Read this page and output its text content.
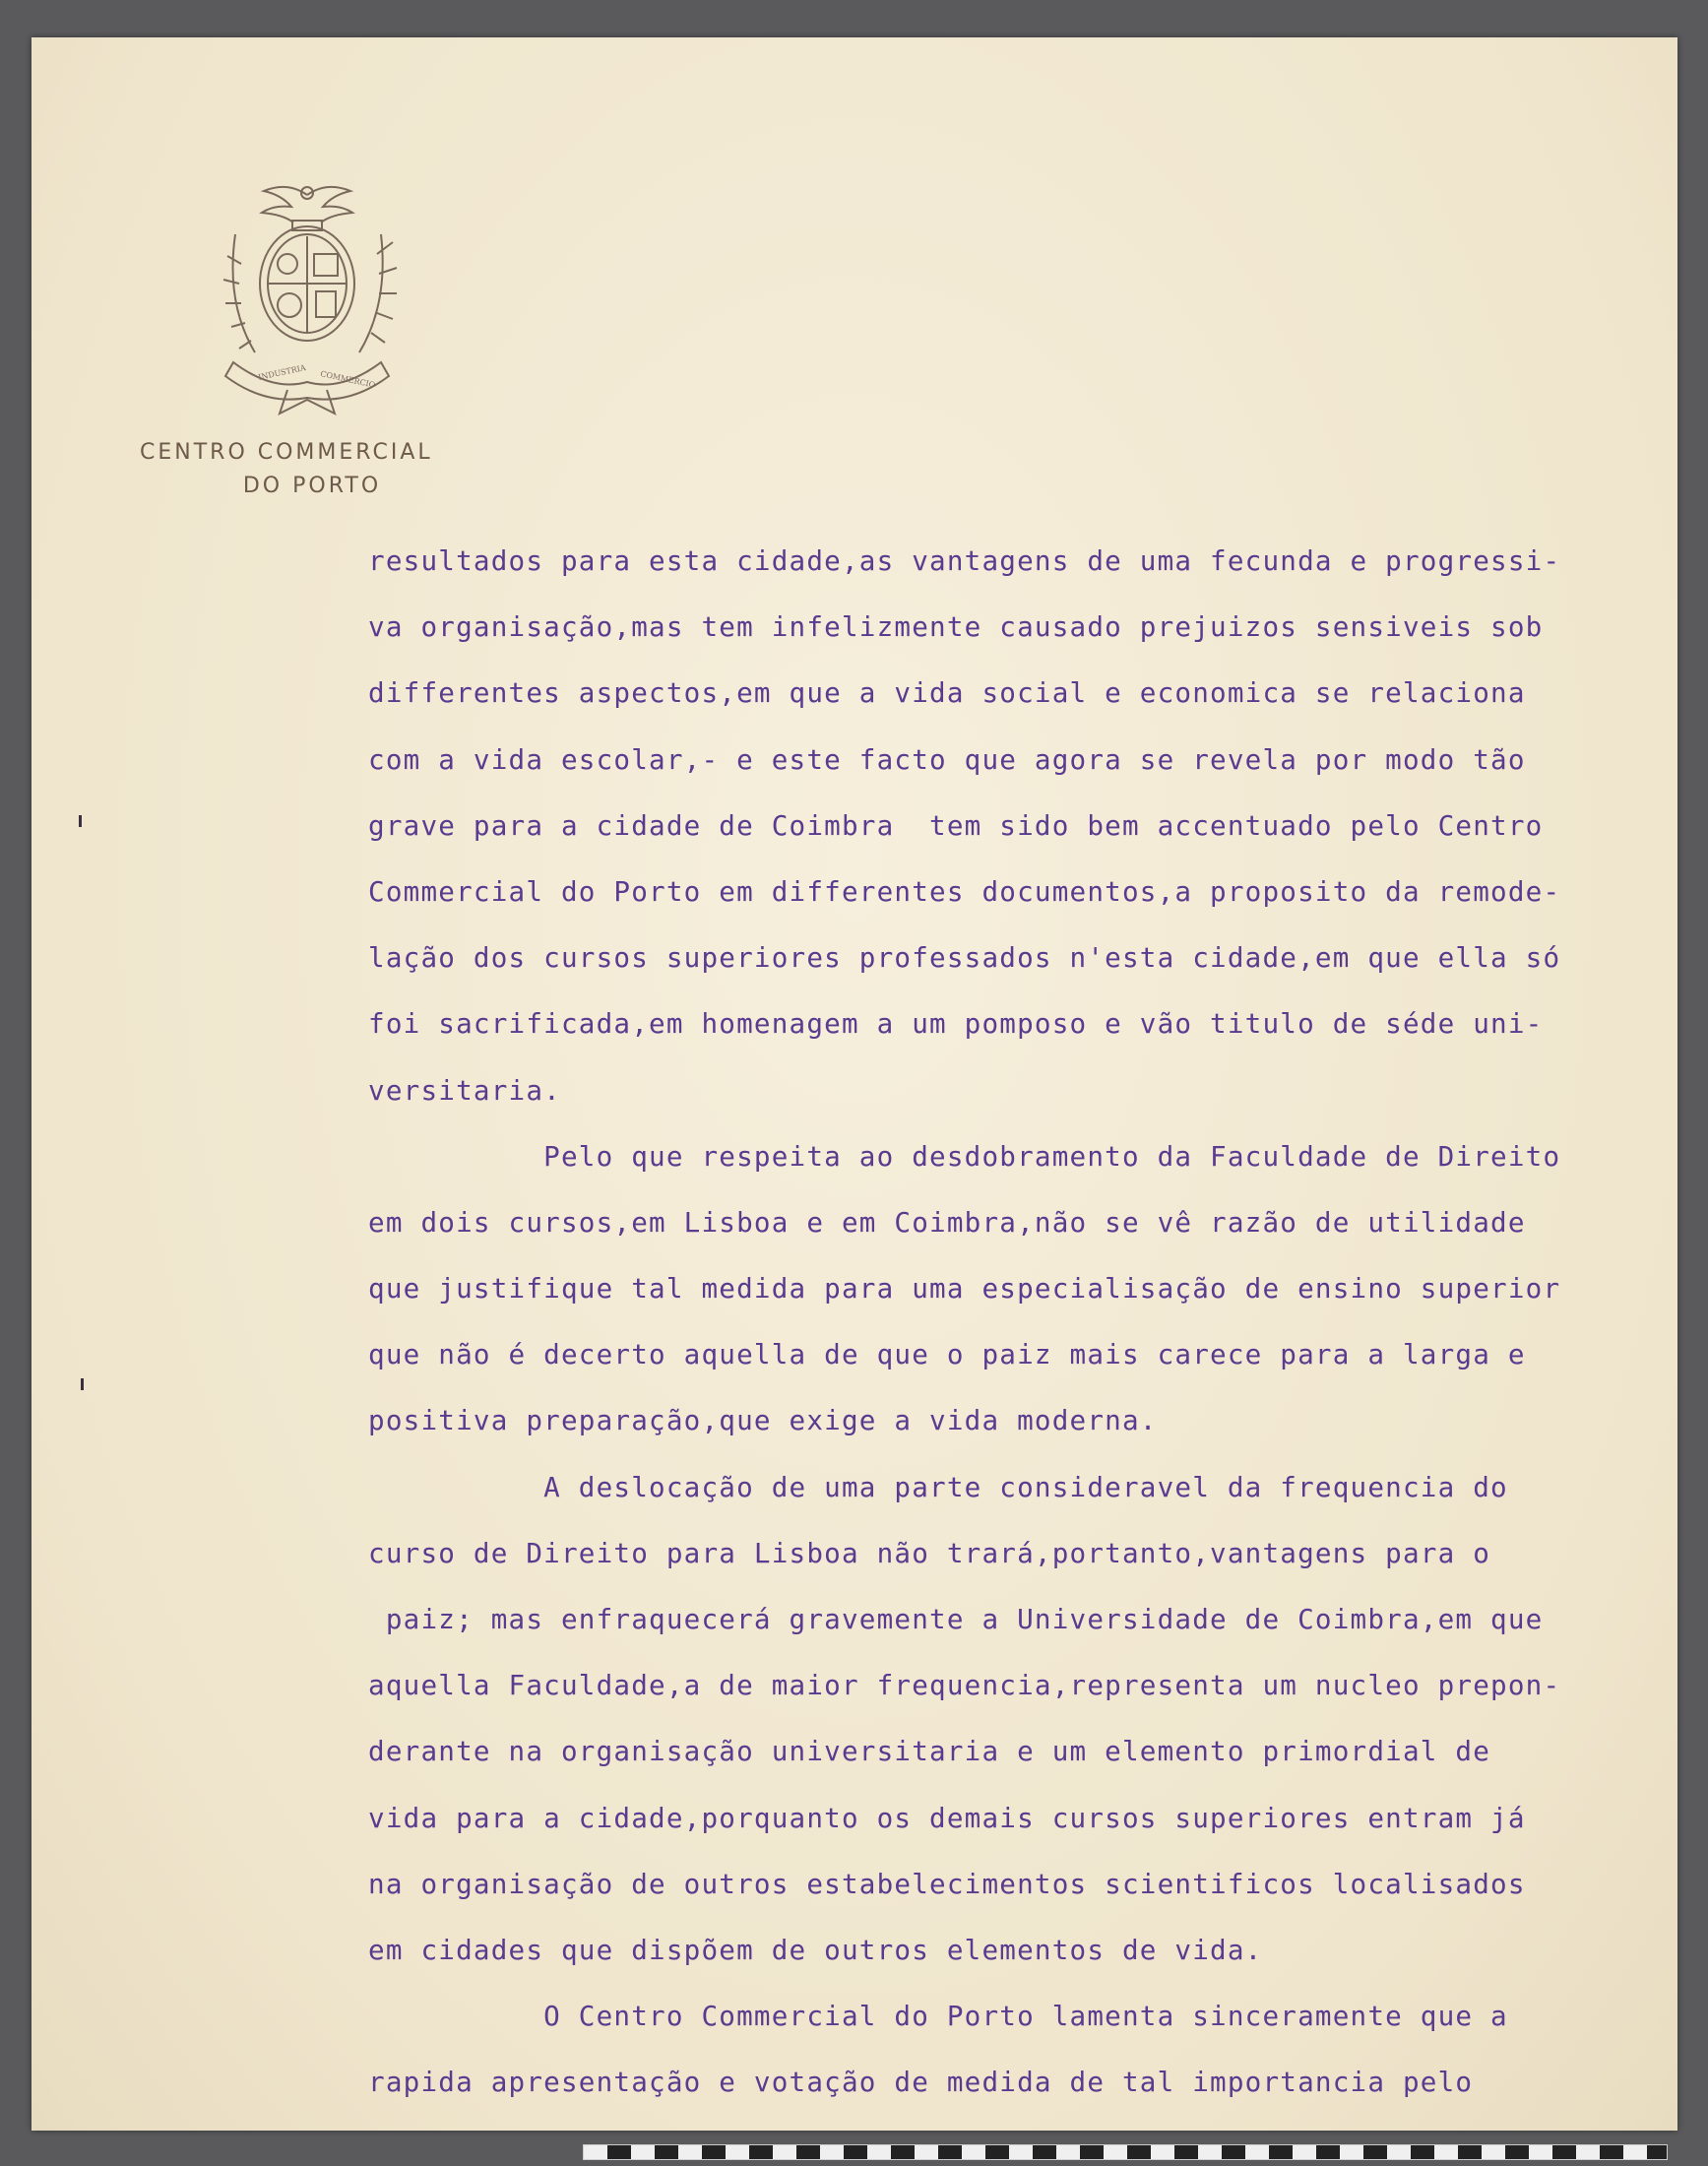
INDUSTRIA COMMERCIO
CENTRO COMMERCIAL
DO PORTO
resultados para esta cidade,as vantagens de uma fecunda e progressi-
va organisação,mas tem infelizmente causado prejuizos sensiveis sob
differentes aspectos,em que a vida social e economica se relaciona
com a vida escolar,- e este facto que agora se revela por modo tão
grave para a cidade de Coimbra  tem sido bem accentuado pelo Centro
Commercial do Porto em differentes documentos,a proposito da remode-
lação dos cursos superiores professados n'esta cidade,em que ella só
foi sacrificada,em homenagem a um pomposo e vão titulo de séde uni-
versitaria.
Pelo que respeita ao desdobramento da Faculdade de Direito
em dois cursos,em Lisboa e em Coimbra,não se vê razão de utilidade
que justifique tal medida para uma especialisação de ensino superior
que não é decerto aquella de que o paiz mais carece para a larga e
positiva preparação,que exige a vida moderna.
A deslocação de uma parte consideravel da frequencia do
curso de Direito para Lisboa não trará,portanto,vantagens para o
paiz; mas enfraquecerá gravemente a Universidade de Coimbra,em que
aquella Faculdade,a de maior frequencia,representa um nucleo prepon-
derante na organisação universitaria e um elemento primordial de
vida para a cidade,porquanto os demais cursos superiores entram já
na organisação de outros estabelecimentos scientificos localisados
em cidades que dispõem de outros elementos de vida.
O Centro Commercial do Porto lamenta sinceramente que a
rapida apresentação e votação de medida de tal importancia pelo
